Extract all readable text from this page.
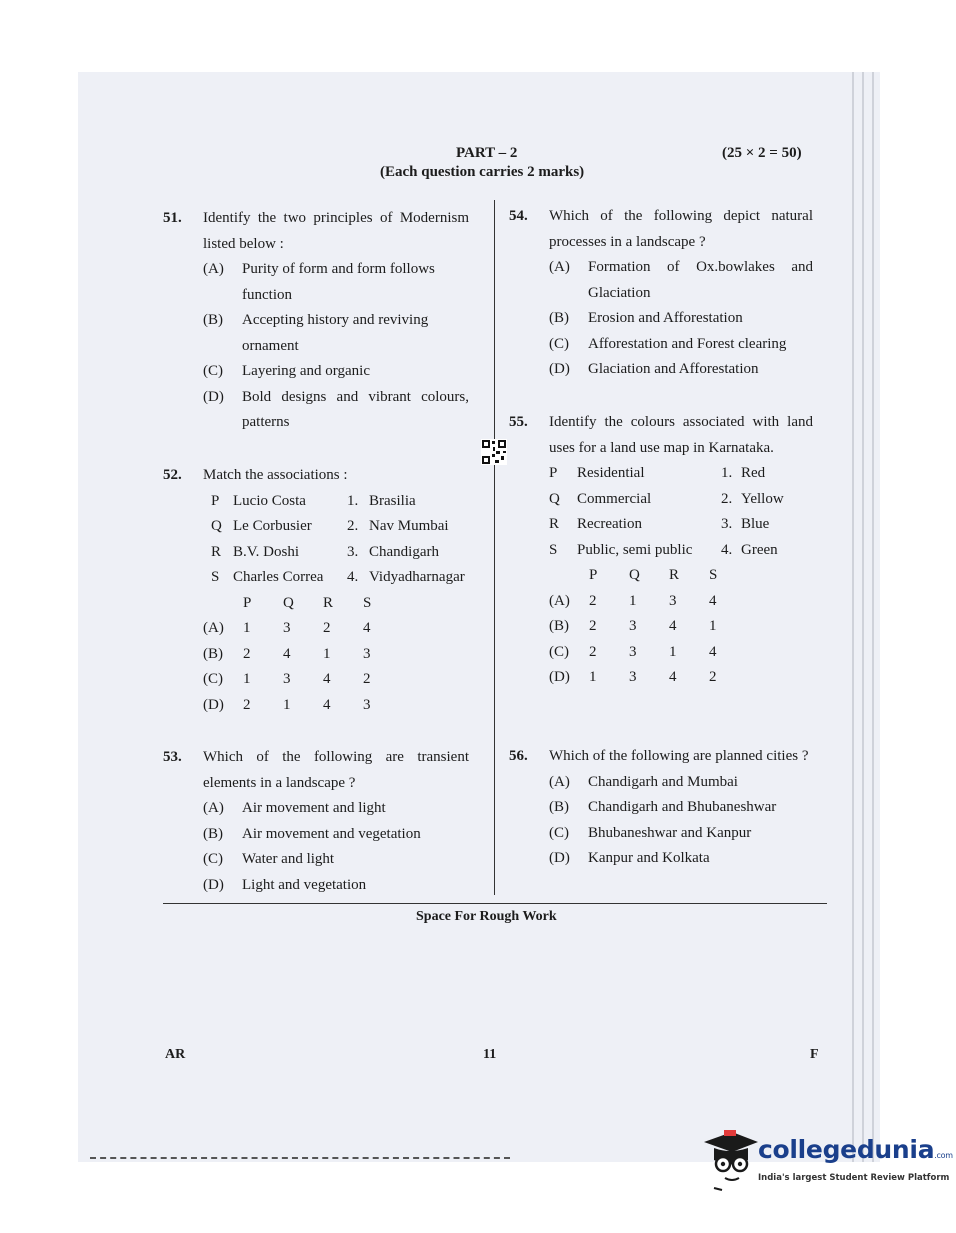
PART – 2	(25 × 2 = 50)
(Each question carries 2 marks)
51. Identify the two principles of Modernism listed below :
(A) Purity of form and form follows function
(B) Accepting history and reviving ornament
(C) Layering and organic
(D) Bold designs and vibrant colours, patterns
52. Match the associations :
P Lucio Costa	1. Brasilia
Q Le Corbusier	2. Nav Mumbai
R B.V. Doshi	3. Chandigarh
S Charles Correa	4. Vidyadharnagar
P	Q	R	S
(A)	1	3	2	4
(B)	2	4	1	3
(C)	1	3	4	2
(D)	2	1	4	3
53. Which of the following are transient elements in a landscape ?
(A) Air movement and light
(B) Air movement and vegetation
(C) Water and light
(D) Light and vegetation
54. Which of the following depict natural processes in a landscape ?
(A) Formation of Ox.bowlakes and Glaciation
(B) Erosion and Afforestation
(C) Afforestation and Forest clearing
(D) Glaciation and Afforestation
55. Identify the colours associated with land uses for a land use map in Karnataka.
P	Residential	1. Red
Q	Commercial	2. Yellow
R	Recreation	3. Blue
S	Public, semi public	4. Green
P	Q	R	S
(A)	2	1	3	4
(B)	2	3	4	1
(C)	2	3	1	4
(D)	1	3	4	2
56. Which of the following are planned cities ?
(A) Chandigarh and Mumbai
(B) Chandigarh and Bhubaneshwar
(C) Bhubaneshwar and Kanpur
(D) Kanpur and Kolkata
Space For Rough Work
AR	11	F
collegedunia.com
India's largest Student Review Platform
